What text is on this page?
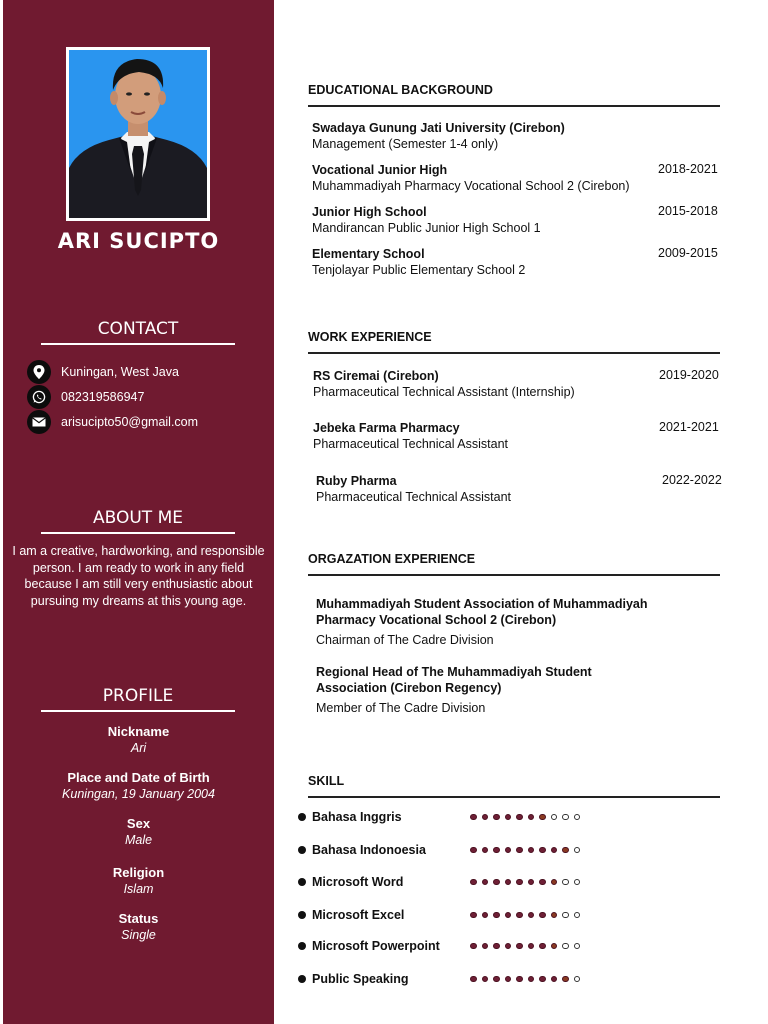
ARI SUCIPTO
CONTACT
Kuningan, West Java
082319586947
arisucipto50@gmail.com
ABOUT ME
I am a creative, hardworking, and responsible person. I am ready to work in any field because I am still very enthusiastic about pursuing my dreams at this young age.
PROFILE
Nickname
Ari
Place and Date of Birth
Kuningan, 19 January 2004
Sex
Male
Religion
Islam
Status
Single
EDUCATIONAL BACKGROUND
Swadaya Gunung Jati University (Cirebon)
Management (Semester 1-4 only)
Vocational Junior High
Muhammadiyah Pharmacy Vocational School 2 (Cirebon)
2018-2021
Junior High School
Mandirancan Public Junior High School 1
2015-2018
Elementary School
Tenjolayar Public Elementary School 2
2009-2015
WORK EXPERIENCE
RS Ciremai (Cirebon)
Pharmaceutical Technical Assistant (Internship)
2019-2020
Jebeka Farma Pharmacy
Pharmaceutical Technical Assistant
2021-2021
Ruby Pharma
Pharmaceutical Technical Assistant
2022-2022
ORGAZATION EXPERIENCE
Muhammadiyah Student Association of Muhammadiyah
Pharmacy Vocational School 2 (Cirebon)
Chairman of The Cadre Division
Regional Head of The Muhammadiyah Student
Association (Cirebon Regency)
Member of The Cadre Division
SKILL
Bahasa Inggris
Bahasa Indonoesia
Microsoft Word
Microsoft Excel
Microsoft Powerpoint
Public Speaking
